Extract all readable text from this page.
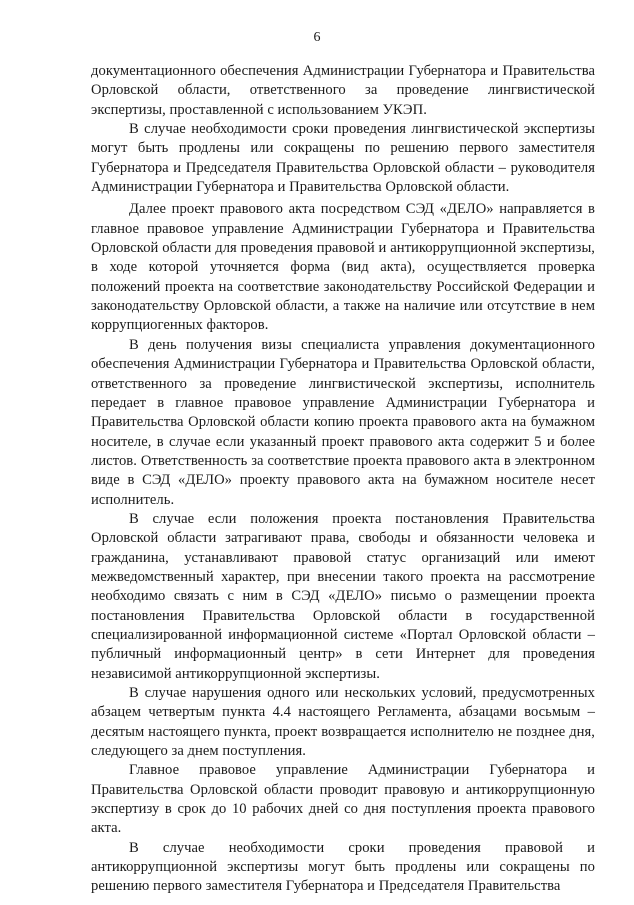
6

документационного обеспечения Администрации Губернатора и Правительства Орловской области, ответственного за проведение лингвистической экспертизы, проставленной с использованием УКЭП.

В случае необходимости сроки проведения лингвистической экспертизы могут быть продлены или сокращены по решению первого заместителя Губернатора и Председателя Правительства Орловской области – руководителя Администрации Губернатора и Правительства Орловской области.

Далее проект правового акта посредством СЭД «ДЕЛО» направляется в главное правовое управление Администрации Губернатора и Правительства Орловской области для проведения правовой и антикоррупционной экспертизы, в ходе которой уточняется форма (вид акта), осуществляется проверка положений проекта на соответствие законодательству Российской Федерации и законодательству Орловской области, а также на наличие или отсутствие в нем коррупциогенных факторов.

В день получения визы специалиста управления документационного обеспечения Администрации Губернатора и Правительства Орловской области, ответственного за проведение лингвистической экспертизы, исполнитель передает в главное правовое управление Администрации Губернатора и Правительства Орловской области копию проекта правового акта на бумажном носителе, в случае если указанный проект правового акта содержит 5 и более листов. Ответственность за соответствие проекта правового акта в электронном виде в СЭД «ДЕЛО» проекту правового акта на бумажном носителе несет исполнитель.

В случае если положения проекта постановления Правительства Орловской области затрагивают права, свободы и обязанности человека и гражданина, устанавливают правовой статус организаций или имеют межведомственный характер, при внесении такого проекта на рассмотрение необходимо связать с ним в СЭД «ДЕЛО» письмо о размещении проекта постановления Правительства Орловской области в государственной специализированной информационной системе «Портал Орловской области – публичный информационный центр» в сети Интернет для проведения независимой антикоррупционной экспертизы.

В случае нарушения одного или нескольких условий, предусмотренных абзацем четвертым пункта 4.4 настоящего Регламента, абзацами восьмым – десятым настоящего пункта, проект возвращается исполнителю не позднее дня, следующего за днем поступления.

Главное правовое управление Администрации Губернатора и Правительства Орловской области проводит правовую и антикоррупционную экспертизу в срок до 10 рабочих дней со дня поступления проекта правового акта.

В случае необходимости сроки проведения правовой и антикоррупционной экспертизы могут быть продлены или сокращены по решению первого заместителя Губернатора и Председателя Правительства
